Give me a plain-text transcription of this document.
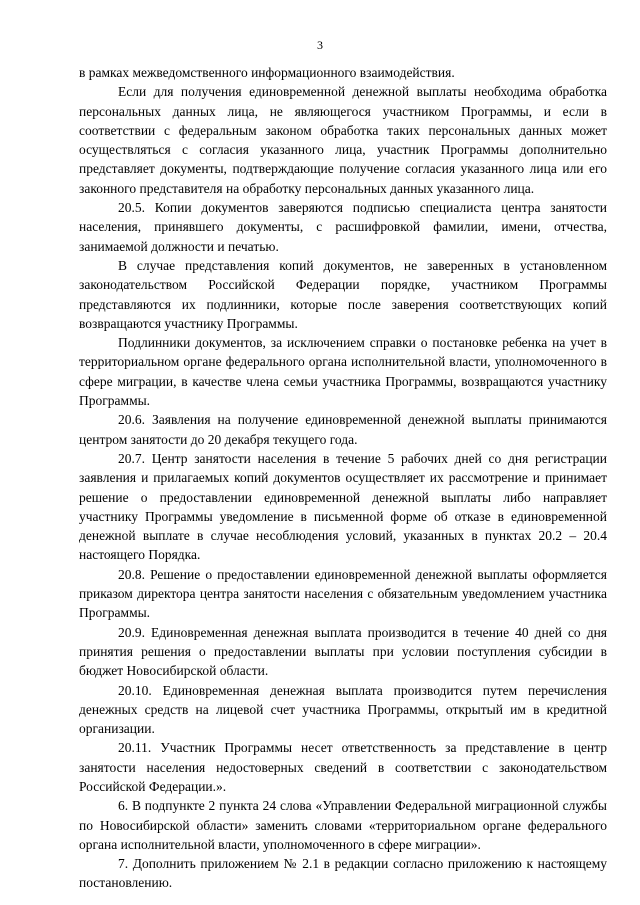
3

в рамках межведомственного информационного взаимодействия.

Если для получения единовременной денежной выплаты необходима обработка персональных данных лица, не являющегося участником Программы, и если в соответствии с федеральным законом обработка таких персональных данных может осуществляться с согласия указанного лица, участник Программы дополнительно представляет документы, подтверждающие получение согласия указанного лица или его законного представителя на обработку персональных данных указанного лица.

20.5. Копии документов заверяются подписью специалиста центра занятости населения, принявшего документы, с расшифровкой фамилии, имени, отчества, занимаемой должности и печатью.

В случае представления копий документов, не заверенных в установленном законодательством Российской Федерации порядке, участником Программы представляются их подлинники, которые после заверения соответствующих копий возвращаются участнику Программы.

Подлинники документов, за исключением справки о постановке ребенка на учет в территориальном органе федерального органа исполнительной власти, уполномоченного в сфере миграции, в качестве члена семьи участника Программы, возвращаются участнику Программы.

20.6. Заявления на получение единовременной денежной выплаты принимаются центром занятости до 20 декабря текущего года.

20.7. Центр занятости населения в течение 5 рабочих дней со дня регистрации заявления и прилагаемых копий документов осуществляет их рассмотрение и принимает решение о предоставлении единовременной денежной выплаты либо направляет участнику Программы уведомление в письменной форме об отказе в единовременной денежной выплате в случае несоблюдения условий, указанных в пунктах 20.2 – 20.4 настоящего Порядка.

20.8. Решение о предоставлении единовременной денежной выплаты оформляется приказом директора центра занятости населения с обязательным уведомлением участника Программы.

20.9. Единовременная денежная выплата производится в течение 40 дней со дня принятия решения о предоставлении выплаты при условии поступления субсидии в бюджет Новосибирской области.

20.10. Единовременная денежная выплата производится путем перечисления денежных средств на лицевой счет участника Программы, открытый им в кредитной организации.

20.11. Участник Программы несет ответственность за представление в центр занятости населения недостоверных сведений в соответствии с законодательством Российской Федерации.».

6. В подпункте 2 пункта 24 слова «Управлении Федеральной миграционной службы по Новосибирской области» заменить словами «территориальном органе федерального органа исполнительной власти, уполномоченного в сфере миграции».

7. Дополнить приложением № 2.1 в редакции согласно приложению к настоящему постановлению.
